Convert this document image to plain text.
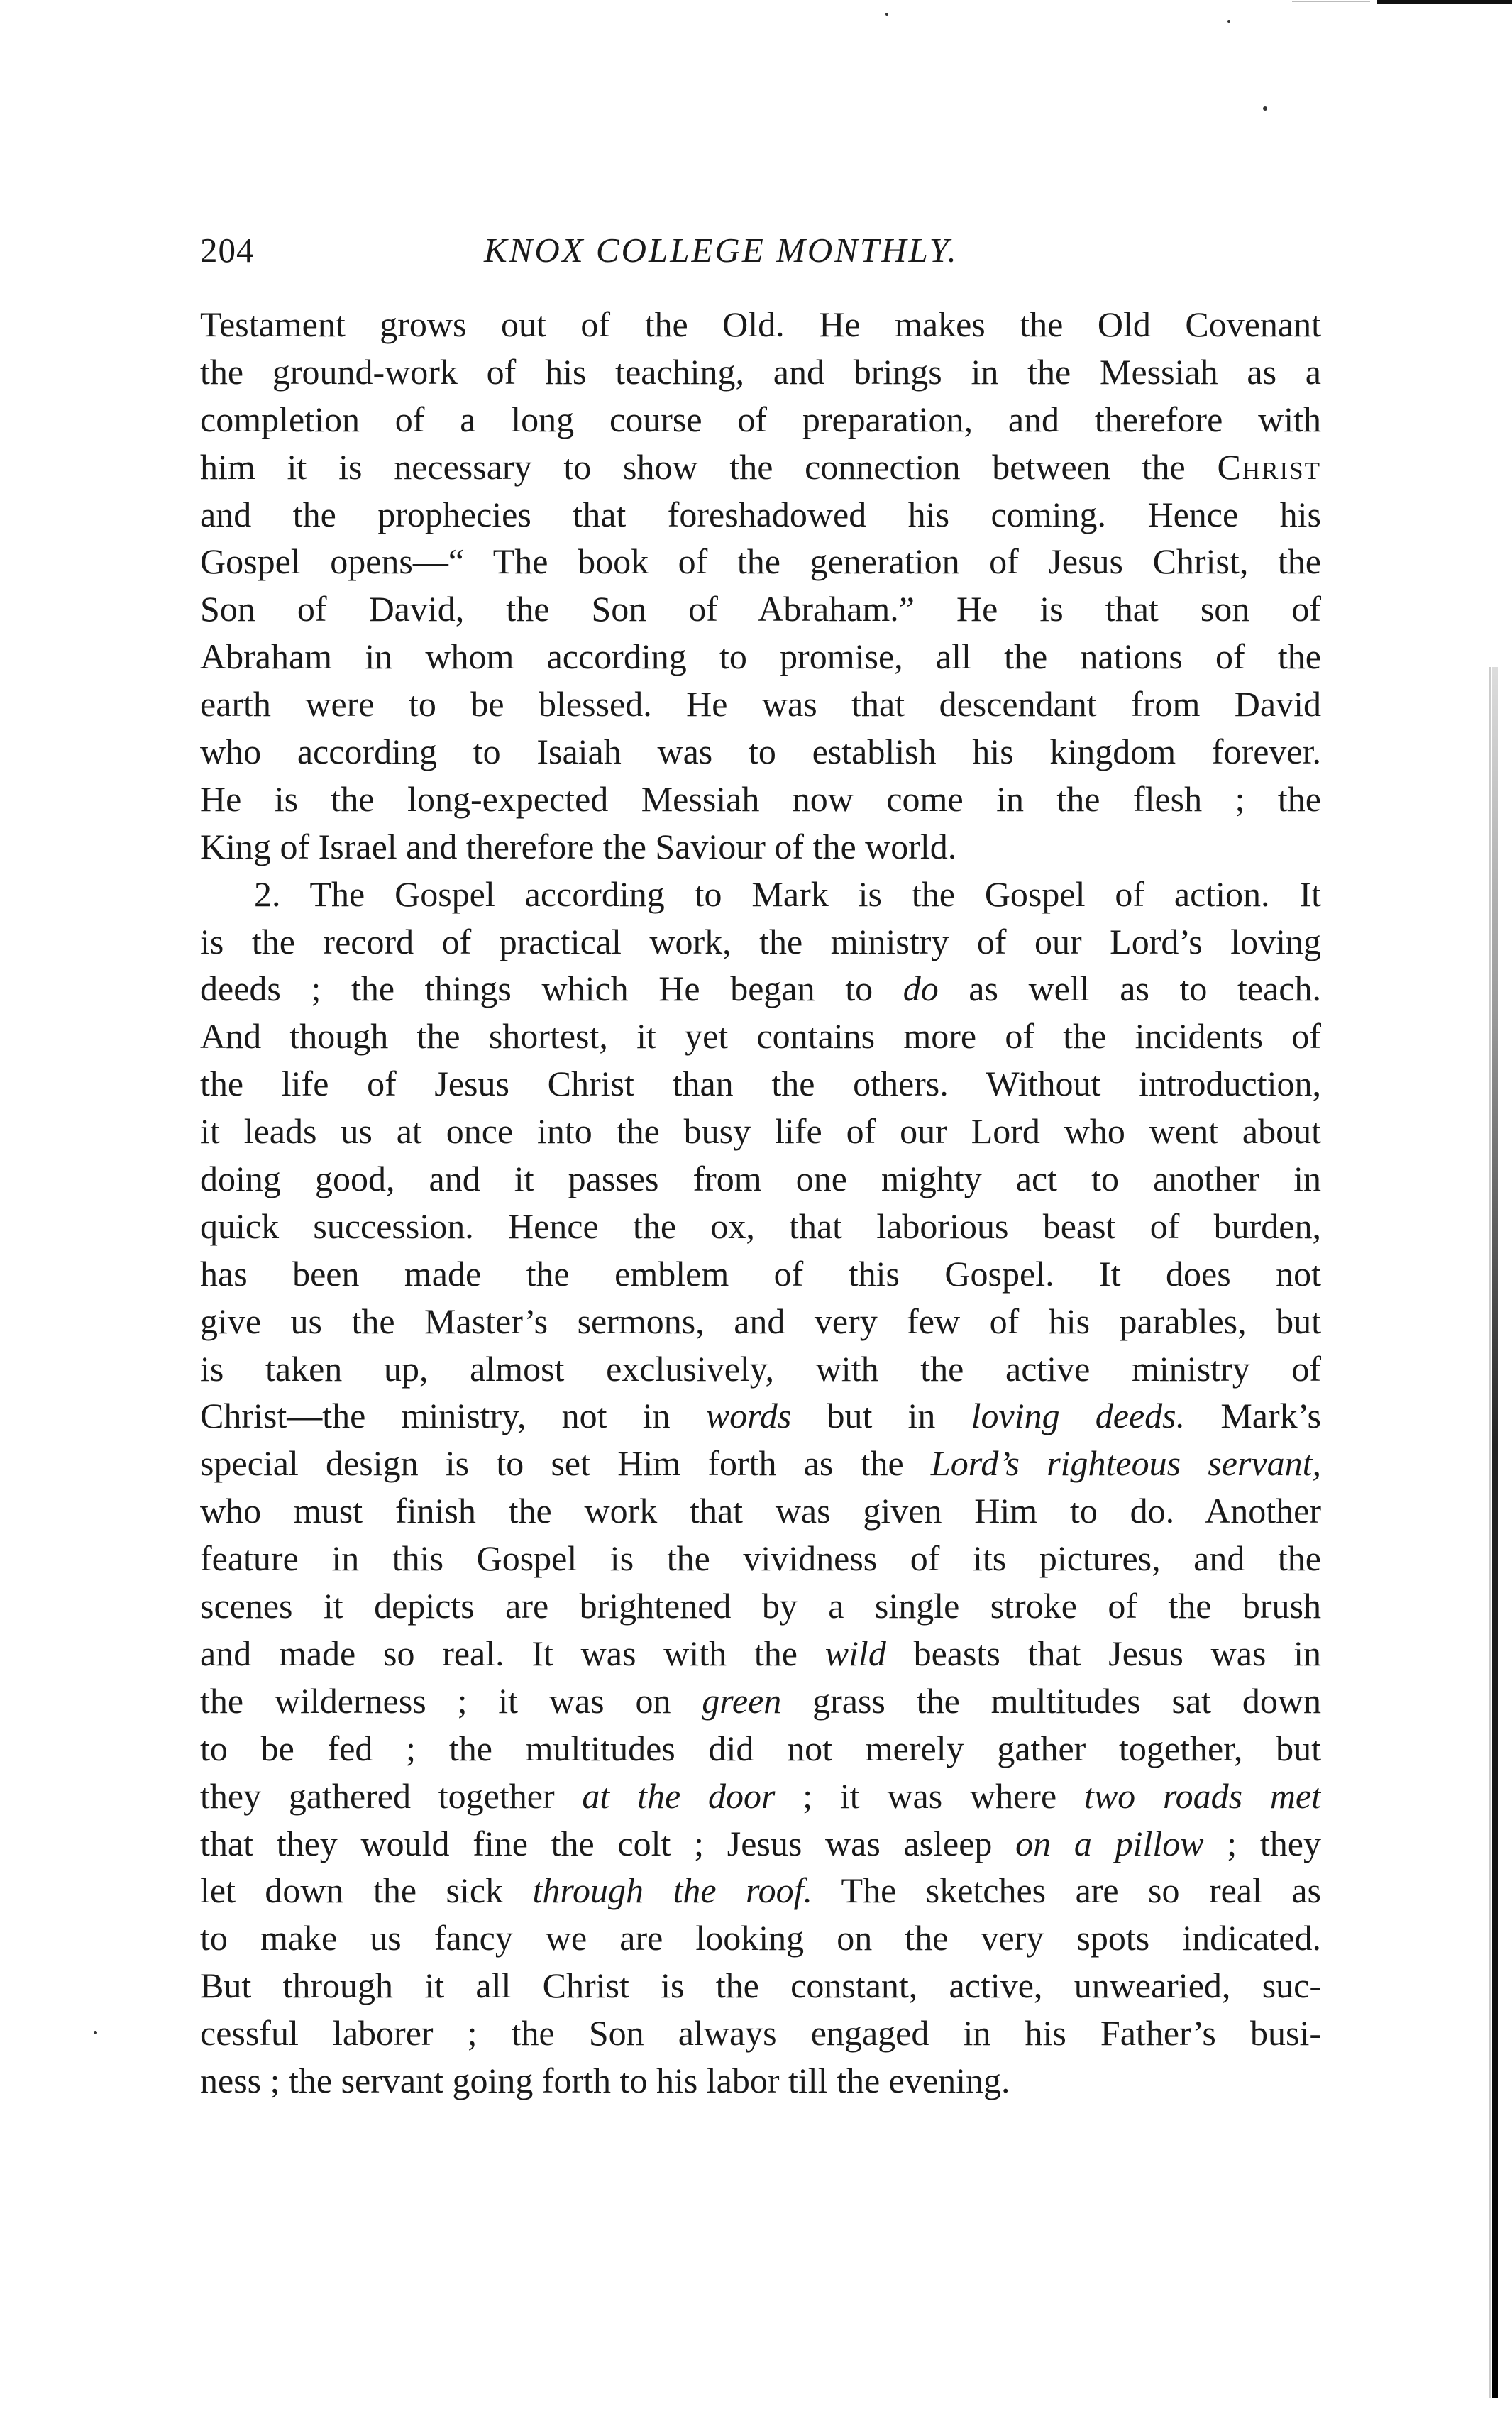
204	KNOX COLLEGE MONTHLY.
Testament grows out of the Old. He makes the Old Covenant
the ground-work of his teaching, and brings in the Messiah as a
completion of a long course of preparation, and therefore with
him it is necessary to show the connection between the Christ
and the prophecies that foreshadowed his coming. Hence his
Gospel opens—“ The book of the generation of Jesus Christ, the
Son of David, the Son of Abraham.” He is that son of
Abraham in whom according to promise, all the nations of the
earth were to be blessed. He was that descendant from David
who according to Isaiah was to establish his kingdom forever.
He is the long-expected Messiah now come in the flesh ; the
King of Israel and therefore the Saviour of the world.
2. The Gospel according to Mark is the Gospel of action. It
is the record of practical work, the ministry of our Lord’s loving
deeds ; the things which He began to do as well as to teach.
And though the shortest, it yet contains more of the incidents of
the life of Jesus Christ than the others. Without introduction,
it leads us at once into the busy life of our Lord who went about
doing good, and it passes from one mighty act to another in
quick succession. Hence the ox, that laborious beast of burden,
has been made the emblem of this Gospel. It does not
give us the Master’s sermons, and very few of his parables, but
is taken up, almost exclusively, with the active ministry of
Christ—the ministry, not in words but in loving deeds. Mark’s
special design is to set Him forth as the Lord’s righteous servant,
who must finish the work that was given Him to do. Another
feature in this Gospel is the vividness of its pictures, and the
scenes it depicts are brightened by a single stroke of the brush
and made so real. It was with the wild beasts that Jesus was in
the wilderness ; it was on green grass the multitudes sat down
to be fed ; the multitudes did not merely gather together, but
they gathered together at the door ; it was where two roads met
that they would fine the colt ; Jesus was asleep on a pillow ; they
let down the sick through the roof. The sketches are so real as
to make us fancy we are looking on the very spots indicated.
But through it all Christ is the constant, active, unwearied, suc-
cessful laborer ; the Son always engaged in his Father’s busi-
ness ; the servant going forth to his labor till the evening.
